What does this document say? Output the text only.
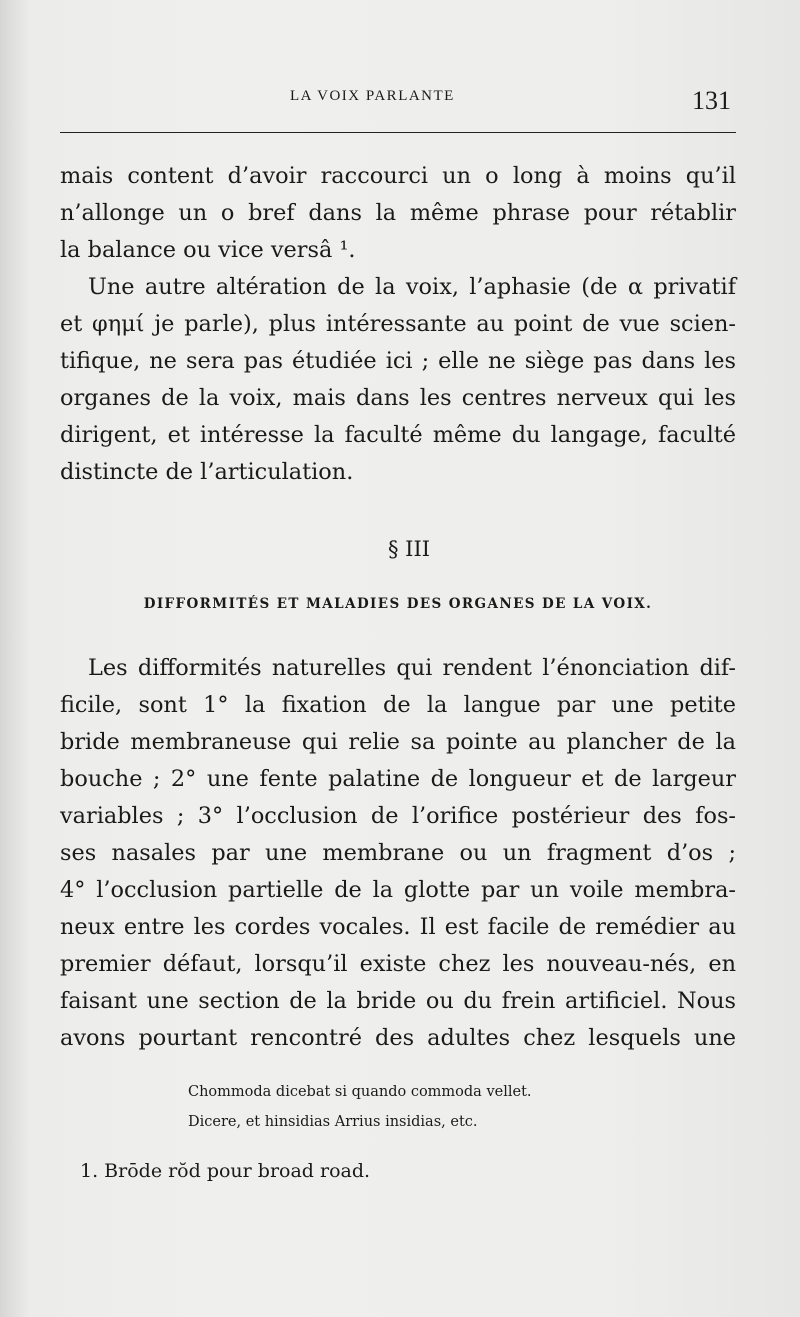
LA VOIX PARLANTE	131
mais content d’avoir raccourci un o long à moins qu’il
n’allonge un o bref dans la même phrase pour rétablir
la balance ou vice versâ ¹.
Une autre altération de la voix, l’aphasie (de α privatif
et φημί je parle), plus intéressante au point de vue scien-
tifique, ne sera pas étudiée ici ; elle ne siège pas dans les
organes de la voix, mais dans les centres nerveux qui les
dirigent, et intéresse la faculté même du langage, faculté
distincte de l’articulation.
§ III
DIFFORMITÉS ET MALADIES DES ORGANES DE LA VOIX.
Les difformités naturelles qui rendent l’énonciation dif-
ficile, sont 1° la fixation de la langue par une petite
bride membraneuse qui relie sa pointe au plancher de la
bouche ; 2° une fente palatine de longueur et de largeur
variables ; 3° l’occlusion de l’orifice postérieur des fos-
ses nasales par une membrane ou un fragment d’os ;
4° l’occlusion partielle de la glotte par un voile membra-
neux entre les cordes vocales. Il est facile de remédier au
premier défaut, lorsqu’il existe chez les nouveau-nés, en
faisant une section de la bride ou du frein artificiel. Nous
avons pourtant rencontré des adultes chez lesquels une
Chommoda dicebat si quando commoda vellet.
Dicere, et hinsidias Arrius insidias, etc.
1. Brōde rŏd pour broad road.
